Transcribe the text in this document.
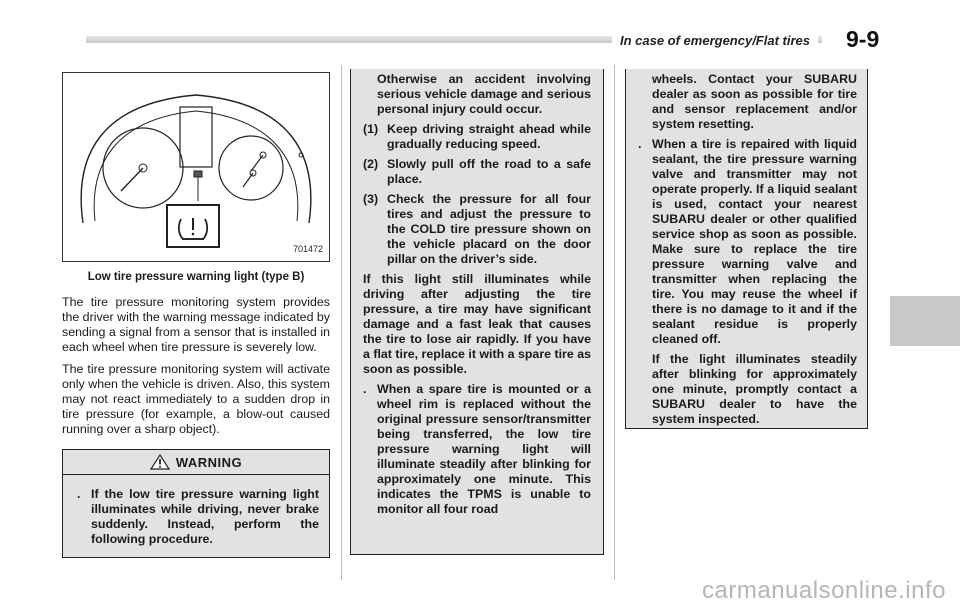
In case of emergency/Flat tires	9-9
701472
Low tire pressure warning light (type B)

The tire pressure monitoring system provides the driver with the warning message indicated by sending a signal from a sensor that is installed in each wheel when tire pressure is severely low.

The tire pressure monitoring system will activate only when the vehicle is driven. Also, this system may not react immediately to a sudden drop in tire pressure (for example, a blow-out caused running over a sharp object).

WARNING
. If the low tire pressure warning light illuminates while driving, never brake suddenly. Instead, perform the following procedure.

Otherwise an accident involving serious vehicle damage and serious personal injury could occur.

(1) Keep driving straight ahead while gradually reducing speed.
(2) Slowly pull off the road to a safe place.
(3) Check the pressure for all four tires and adjust the pressure to the COLD tire pressure shown on the vehicle placard on the door pillar on the driver’s side.

If this light still illuminates while driving after adjusting the tire pressure, a tire may have significant damage and a fast leak that causes the tire to lose air rapidly. If you have a flat tire, replace it with a spare tire as soon as possible.

. When a spare tire is mounted or a wheel rim is replaced without the original pressure sensor/transmitter being transferred, the low tire pressure warning light will illuminate steadily after blinking for approximately one minute. This indicates the TPMS is unable to monitor all four road

wheels. Contact your SUBARU dealer as soon as possible for tire and sensor replacement and/or system resetting.

. When a tire is repaired with liquid sealant, the tire pressure warning valve and transmitter may not operate properly. If a liquid sealant is used, contact your nearest SUBARU dealer or other qualified service shop as soon as possible. Make sure to replace the tire pressure warning valve and transmitter when replacing the tire. You may reuse the wheel if there is no damage to it and if the sealant residue is properly cleaned off.

If the light illuminates steadily after blinking for approximately one minute, promptly contact a SUBARU dealer to have the system inspected.

carmanualsonline.info
